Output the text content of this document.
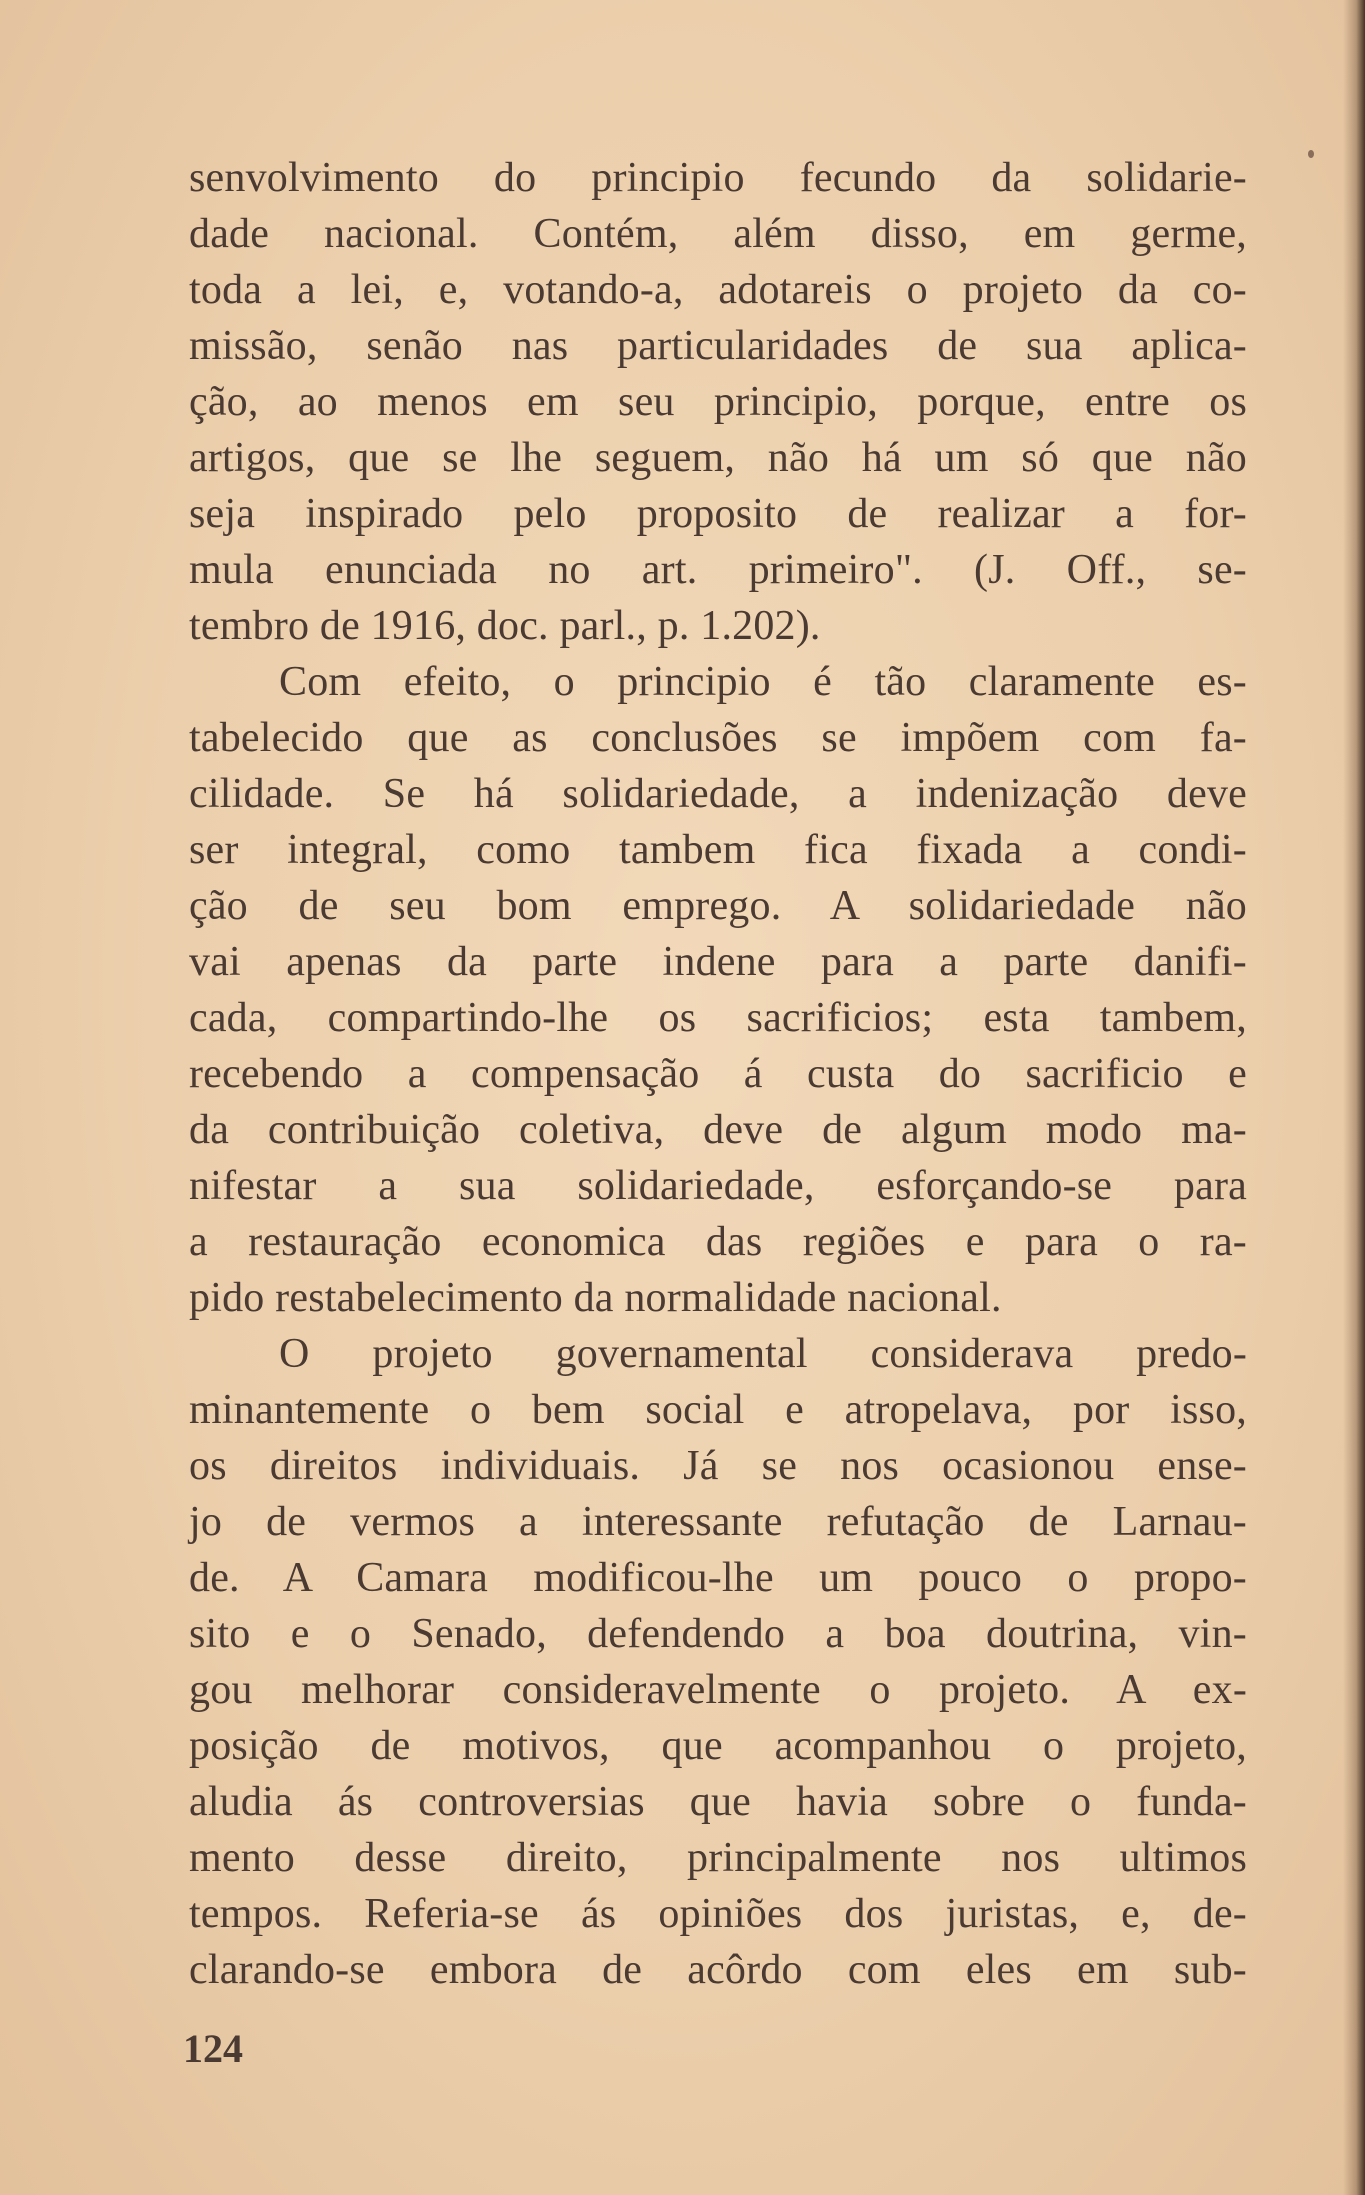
senvolvimento do principio fecundo da solidarie-
dade nacional. Contém, além disso, em germe,
toda a lei, e, votando-a, adotareis o projeto da co-
missão, senão nas particularidades de sua aplica-
ção, ao menos em seu principio, porque, entre os
artigos, que se lhe seguem, não há um só que não
seja inspirado pelo proposito de realizar a for-
mula enunciada no art. primeiro". (J. Off., se-
tembro de 1916, doc. parl., p. 1.202).
Com efeito, o principio é tão claramente es-
tabelecido que as conclusões se impõem com fa-
cilidade. Se há solidariedade, a indenização deve
ser integral, como tambem fica fixada a condi-
ção de seu bom emprego. A solidariedade não
vai apenas da parte indene para a parte danifi-
cada, compartindo-lhe os sacrificios; esta tambem,
recebendo a compensação á custa do sacrificio e
da contribuição coletiva, deve de algum modo ma-
nifestar a sua solidariedade, esforçando-se para
a restauração economica das regiões e para o ra-
pido restabelecimento da normalidade nacional.
O projeto governamental considerava predo-
minantemente o bem social e atropelava, por isso,
os direitos individuais. Já se nos ocasionou ense-
jo de vermos a interessante refutação de Larnau-
de. A Camara modificou-lhe um pouco o propo-
sito e o Senado, defendendo a boa doutrina, vin-
gou melhorar consideravelmente o projeto. A ex-
posição de motivos, que acompanhou o projeto,
aludia ás controversias que havia sobre o funda-
mento desse direito, principalmente nos ultimos
tempos. Referia-se ás opiniões dos juristas, e, de-
clarando-se embora de acôrdo com eles em sub-
124
